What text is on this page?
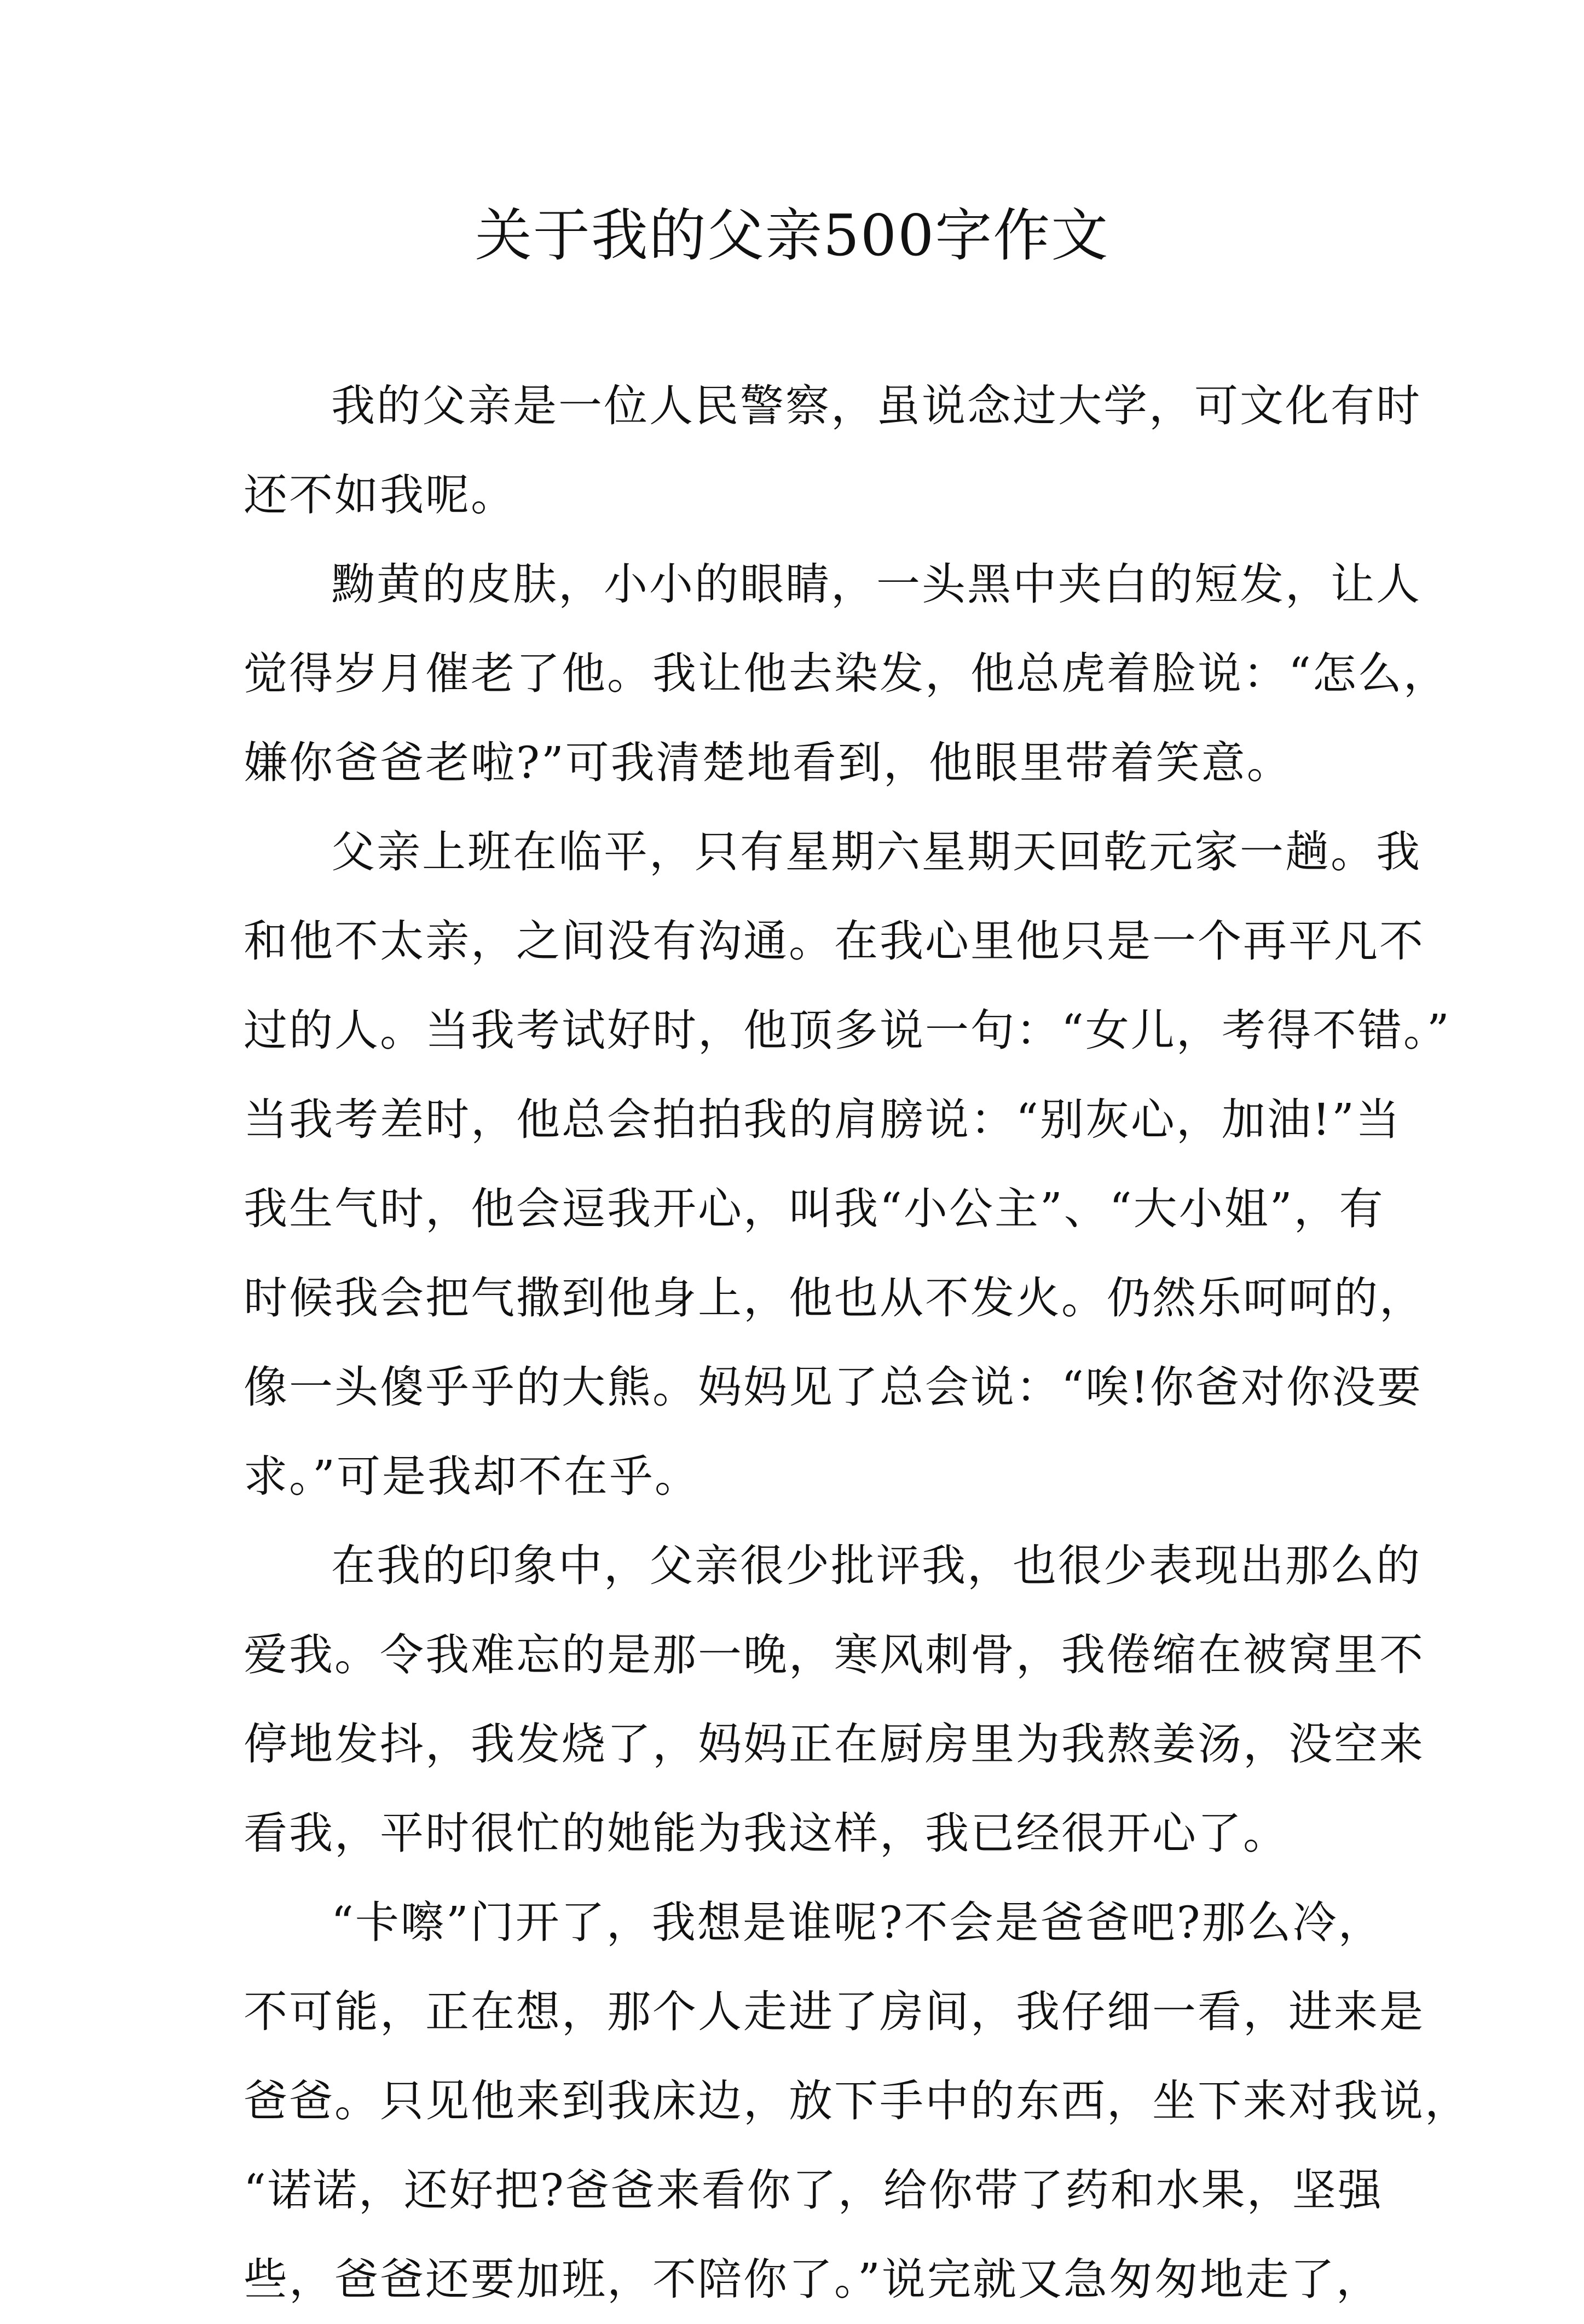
关于我的父亲500字作文
我的父亲是一位人民警察，虽说念过大学，可文化有时
还不如我呢。
黝黄的皮肤，小小的眼睛，一头黑中夹白的短发，让人
觉得岁月催老了他。我让他去染发，他总虎着脸说：“怎么，
嫌你爸爸老啦?”可我清楚地看到，他眼里带着笑意。
父亲上班在临平，只有星期六星期天回乾元家一趟。我
和他不太亲，之间没有沟通。在我心里他只是一个再平凡不
过的人。当我考试好时，他顶多说一句：“女儿，考得不错。”
当我考差时，他总会拍拍我的肩膀说：“别灰心，加油!”当
我生气时，他会逗我开心，叫我“小公主”、“大小姐”，有
时候我会把气撒到他身上，他也从不发火。仍然乐呵呵的，
像一头傻乎乎的大熊。妈妈见了总会说：“唉!你爸对你没要
求。”可是我却不在乎。
在我的印象中，父亲很少批评我，也很少表现出那么的
爱我。令我难忘的是那一晚，寒风刺骨，我倦缩在被窝里不
停地发抖，我发烧了，妈妈正在厨房里为我熬姜汤，没空来
看我，平时很忙的她能为我这样，我已经很开心了。
“卡嚓”门开了，我想是谁呢?不会是爸爸吧?那么冷，
不可能，正在想，那个人走进了房间，我仔细一看，进来是
爸爸。只见他来到我床边，放下手中的东西，坐下来对我说，
“诺诺，还好把?爸爸来看你了，给你带了药和水果，坚强
些，爸爸还要加班，不陪你了。”说完就又急匆匆地走了，
